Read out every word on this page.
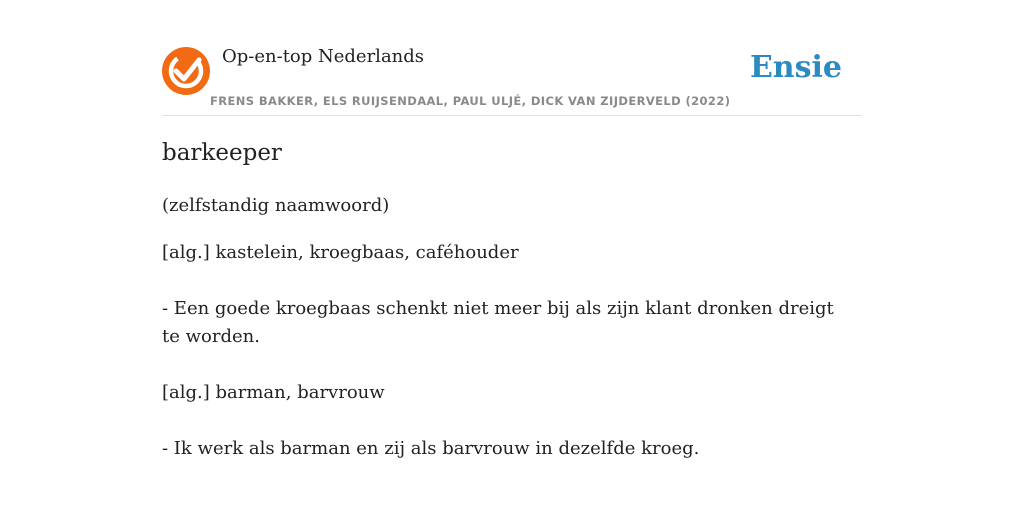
Op-en-top Nederlands
FRENS BAKKER, ELS RUIJSENDAAL, PAUL ULJÉ, DICK VAN ZIJDERVELD (2022)
Ensie
barkeeper
(zelfstandig naamwoord)
[alg.] kastelein, kroegbaas, caféhouder
- Een goede kroegbaas schenkt niet meer bij als zijn klant dronken dreigt te worden.
[alg.] barman, barvrouw
- Ik werk als barman en zij als barvrouw in dezelfde kroeg.
